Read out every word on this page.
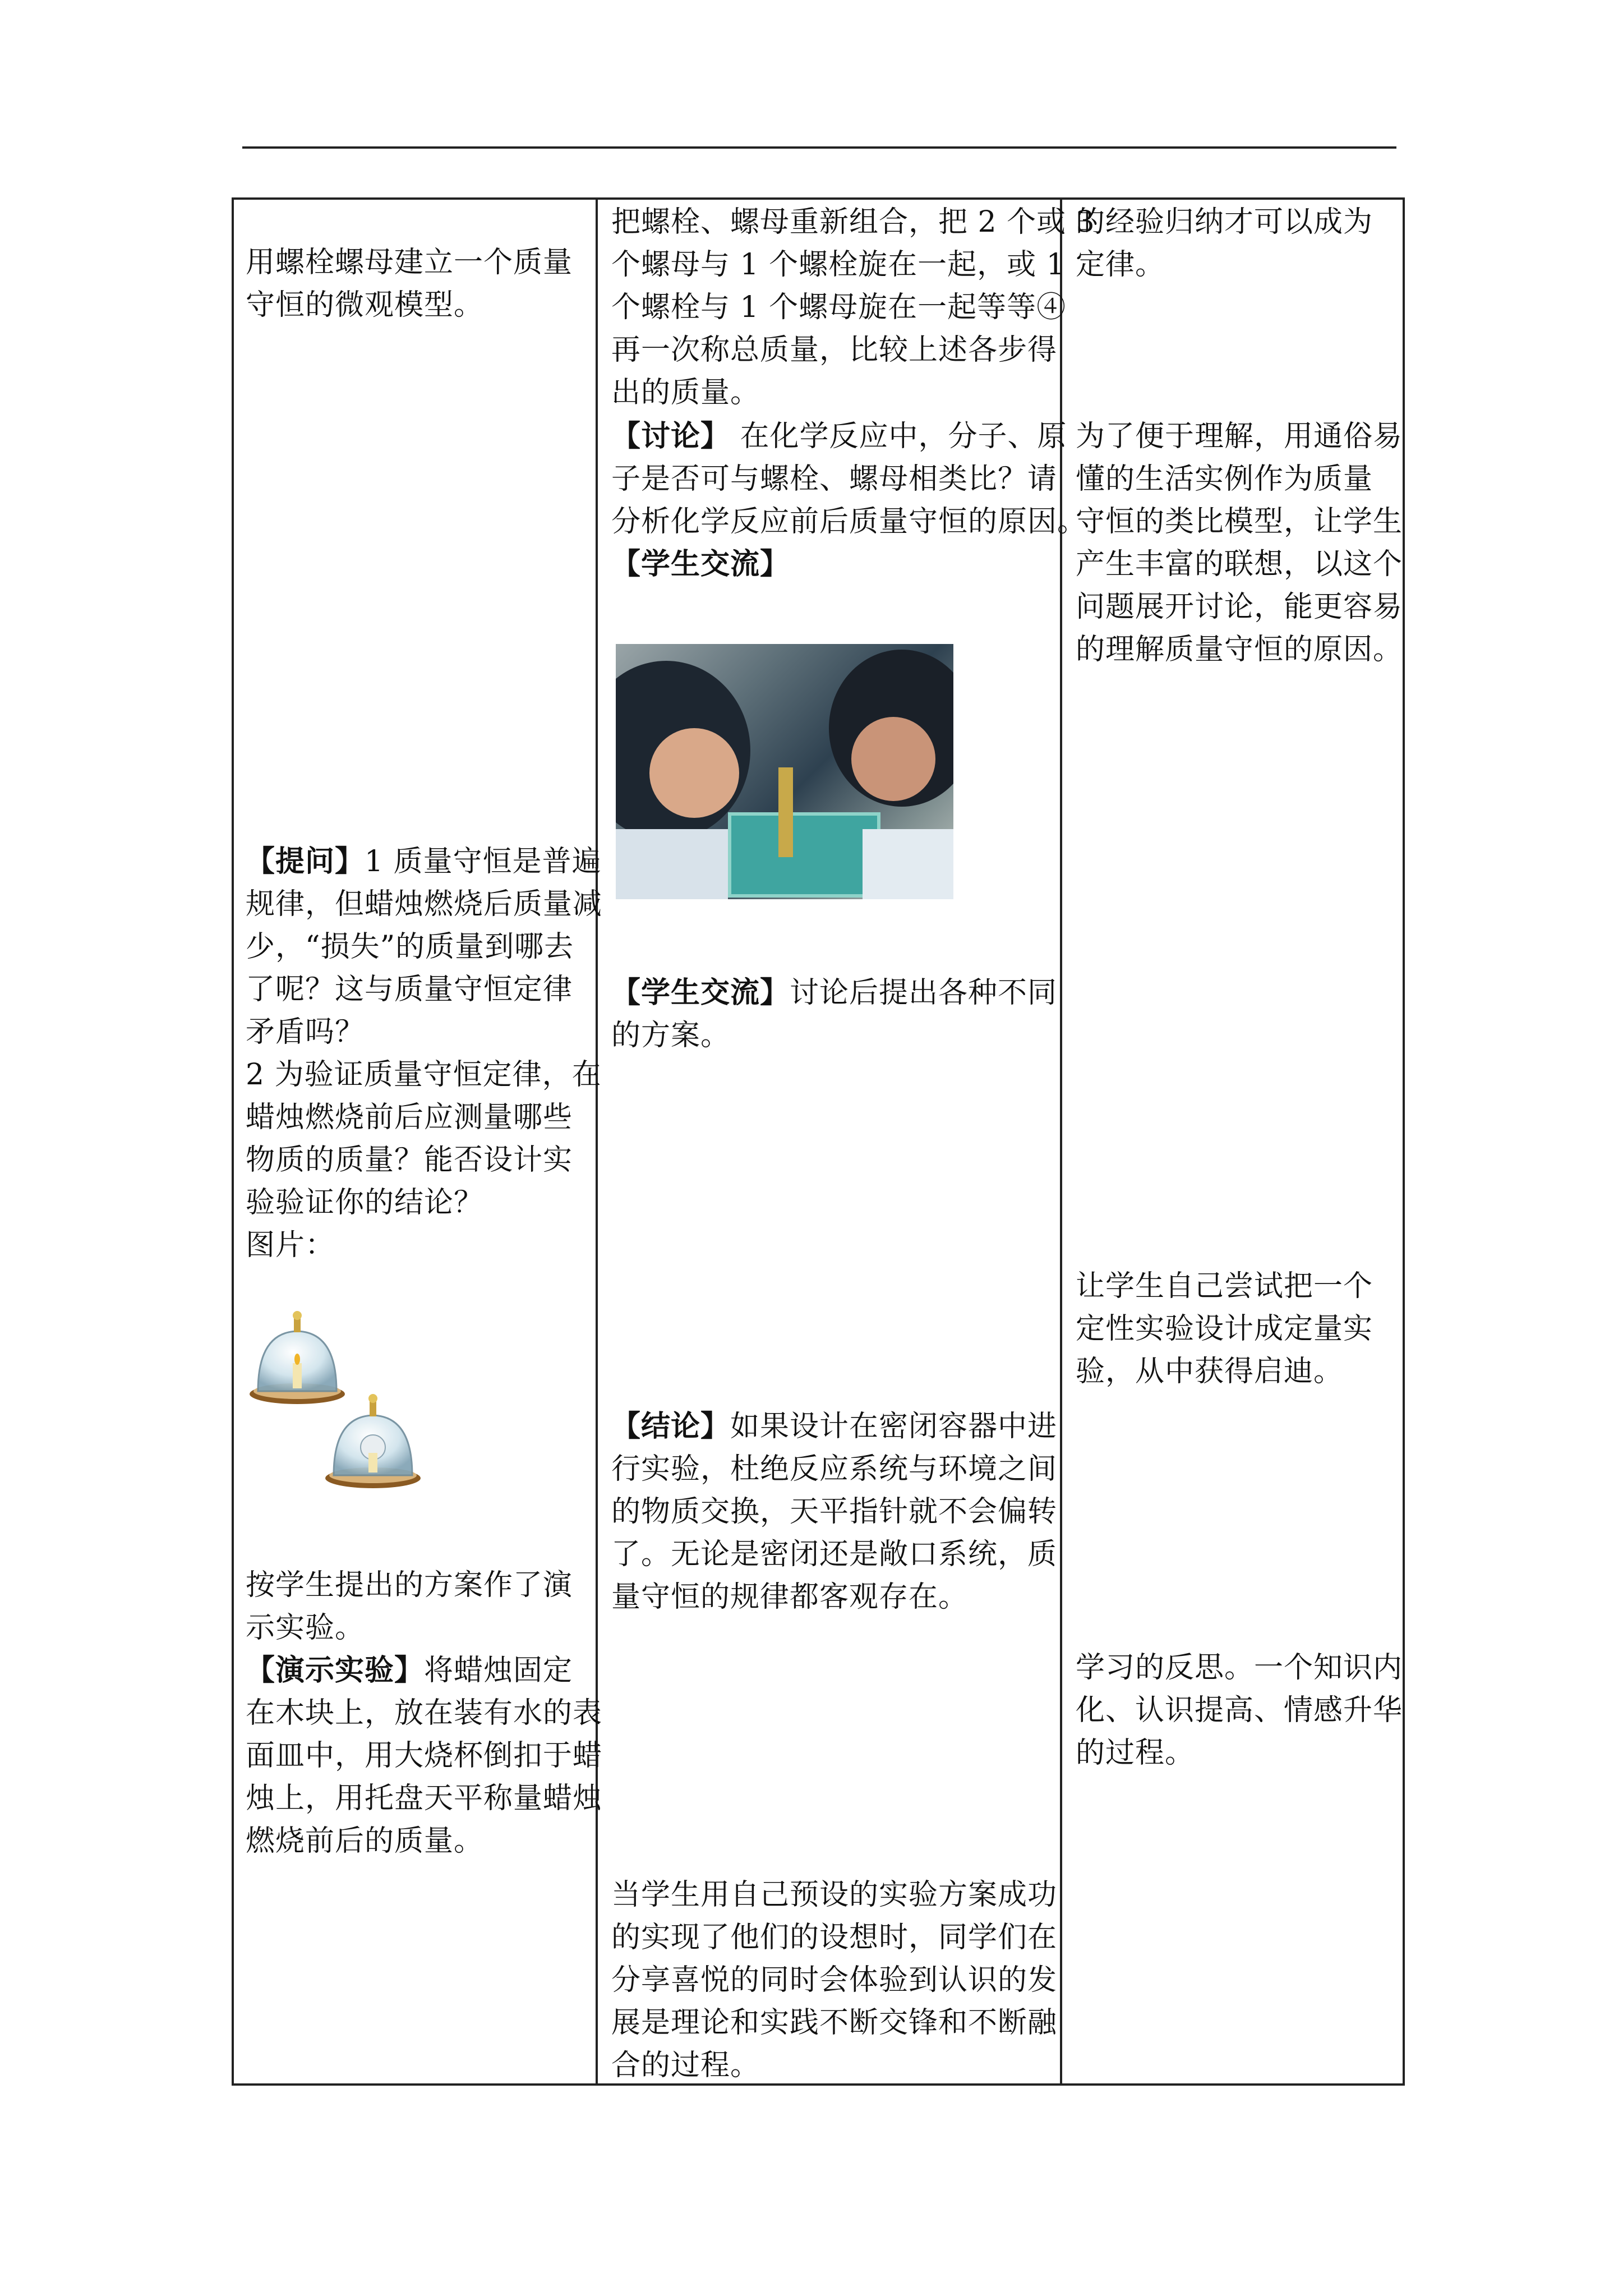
用螺栓螺母建立一个质量
守恒的微观模型。
【提问】1 质量守恒是普遍
规律，但蜡烛燃烧后质量减
少，“损失”的质量到哪去
了呢？这与质量守恒定律
矛盾吗？
2 为验证质量守恒定律，在
蜡烛燃烧前后应测量哪些
物质的质量？能否设计实
验验证你的结论？
图片：
按学生提出的方案作了演
示实验。
【演示实验】将蜡烛固定
在木块上，放在装有水的表
面皿中，用大烧杯倒扣于蜡
烛上，用托盘天平称量蜡烛
燃烧前后的质量。
把螺栓、螺母重新组合，把 2 个或 3
个螺母与 1 个螺栓旋在一起，或 1
个螺栓与 1 个螺母旋在一起等等④
再一次称总质量，比较上述各步得
出的质量。
【讨论】 在化学反应中，分子、原
子是否可与螺栓、螺母相类比？请
分析化学反应前后质量守恒的原因。
【学生交流】
【学生交流】讨论后提出各种不同
的方案。
【结论】如果设计在密闭容器中进
行实验，杜绝反应系统与环境之间
的物质交换，天平指针就不会偏转
了。无论是密闭还是敞口系统，质
量守恒的规律都客观存在。
当学生用自己预设的实验方案成功
的实现了他们的设想时，同学们在
分享喜悦的同时会体验到认识的发
展是理论和实践不断交锋和不断融
合的过程。
的经验归纳才可以成为
定律。
为了便于理解，用通俗易
懂的生活实例作为质量
守恒的类比模型，让学生
产生丰富的联想，以这个
问题展开讨论，能更容易
的理解质量守恒的原因。
让学生自己尝试把一个
定性实验设计成定量实
验，从中获得启迪。
学习的反思。一个知识内
化、认识提高、情感升华
的过程。
